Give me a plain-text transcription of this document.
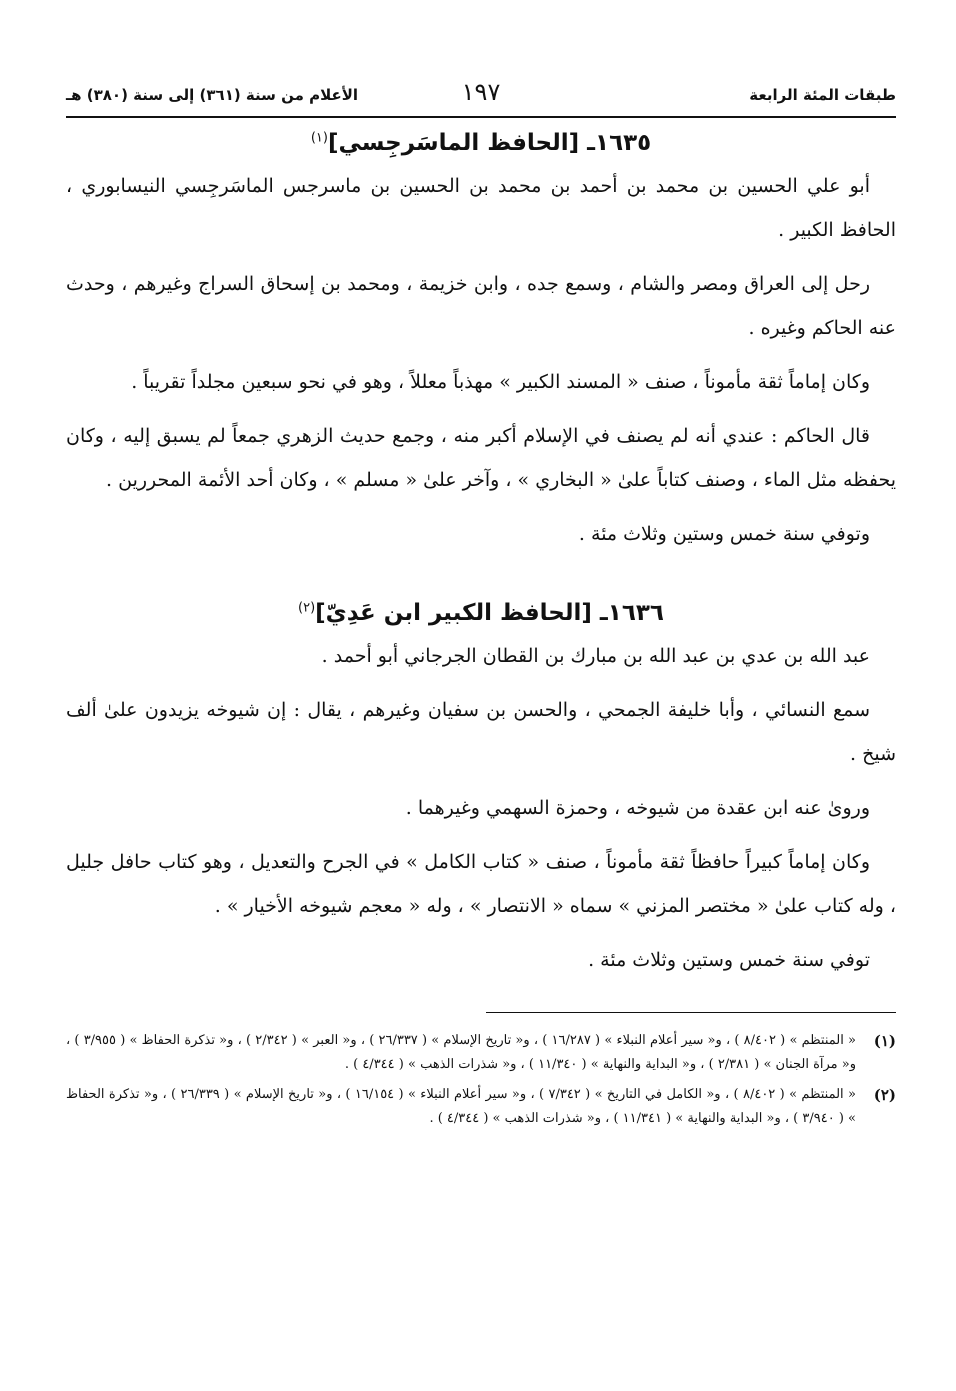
طبقات المئة الرابعة
١٩٧
الأعلام من سنة (٣٦١) إلى سنة (٣٨٠) هـ
١٦٣٥ـ [الحافظ الماسَرجِسي]$^{(١)}$

أبو علي الحسين بن محمد بن أحمد بن محمد بن الحسين بن ماسرجس الماسَرجِسي النيسابوري ، الحافظ الكبير .

رحل إلى العراق ومصر والشام ، وسمع جده ، وابن خزيمة ، ومحمد بن إسحاق السراج وغيرهم ، وحدث عنه الحاكم وغيره .

وكان إماماً ثقة مأموناً ، صنف « المسند الكبير » مهذباً معللاً ، وهو في نحو سبعين مجلداً تقريباً .

قال الحاكم : عندي أنه لم يصنف في الإسلام أكبر منه ، وجمع حديث الزهري جمعاً لم يسبق إليه ، وكان يحفظه مثل الماء ، وصنف كتاباً علىٰ « البخاري » ، وآخر علىٰ « مسلم » ، وكان أحد الأئمة المحررين .

وتوفي سنة خمس وستين وثلاث مئة .

١٦٣٦ـ [الحافظ الكبير ابن عَدِيّ]$^{(٢)}$

عبد الله بن عدي بن عبد الله بن مبارك بن القطان الجرجاني أبو أحمد .

سمع النسائي ، وأبا خليفة الجمحي ، والحسن بن سفيان وغيرهم ، يقال : إن شيوخه يزيدون علىٰ ألف شيخ .

ورویٰ عنه ابن عقدة من شيوخه ، وحمزة السهمي وغيرهما .

وكان إماماً كبيراً حافظاً ثقة مأموناً ، صنف « كتاب الكامل » في الجرح والتعديل ، وهو كتاب حافل جليل ، وله كتاب علىٰ « مختصر المزني » سماه « الانتصار » ، وله « معجم شيوخه الأخيار » .

توفي سنة خمس وستين وثلاث مئة .

(١)
« المنتظم » ( ٨/٤٠٢ ) ، و« سير أعلام النبلاء » ( ١٦/٢٨٧ ) ، و« تاريخ الإسلام » ( ٢٦/٣٣٧ ) ، و« العبر » ( ٢/٣٤٢ ) ، و« تذكرة الحفاظ » ( ٣/٩٥٥ ) ، و« مرآة الجنان » ( ٢/٣٨١ ) ، و« البداية والنهاية » ( ١١/٣٤٠ ) ، و« شذرات الذهب » ( ٤/٣٤٤ ) .
(٢)
« المنتظم » ( ٨/٤٠٢ ) ، و« الكامل في التاريخ » ( ٧/٣٤٢ ) ، و« سير أعلام النبلاء » ( ١٦/١٥٤ ) ، و« تاريخ الإسلام » ( ٢٦/٣٣٩ ) ، و« تذكرة الحفاظ » ( ٣/٩٤٠ ) ، و« البداية والنهاية » ( ١١/٣٤١ ) ، و« شذرات الذهب » ( ٤/٣٤٤ ) .
